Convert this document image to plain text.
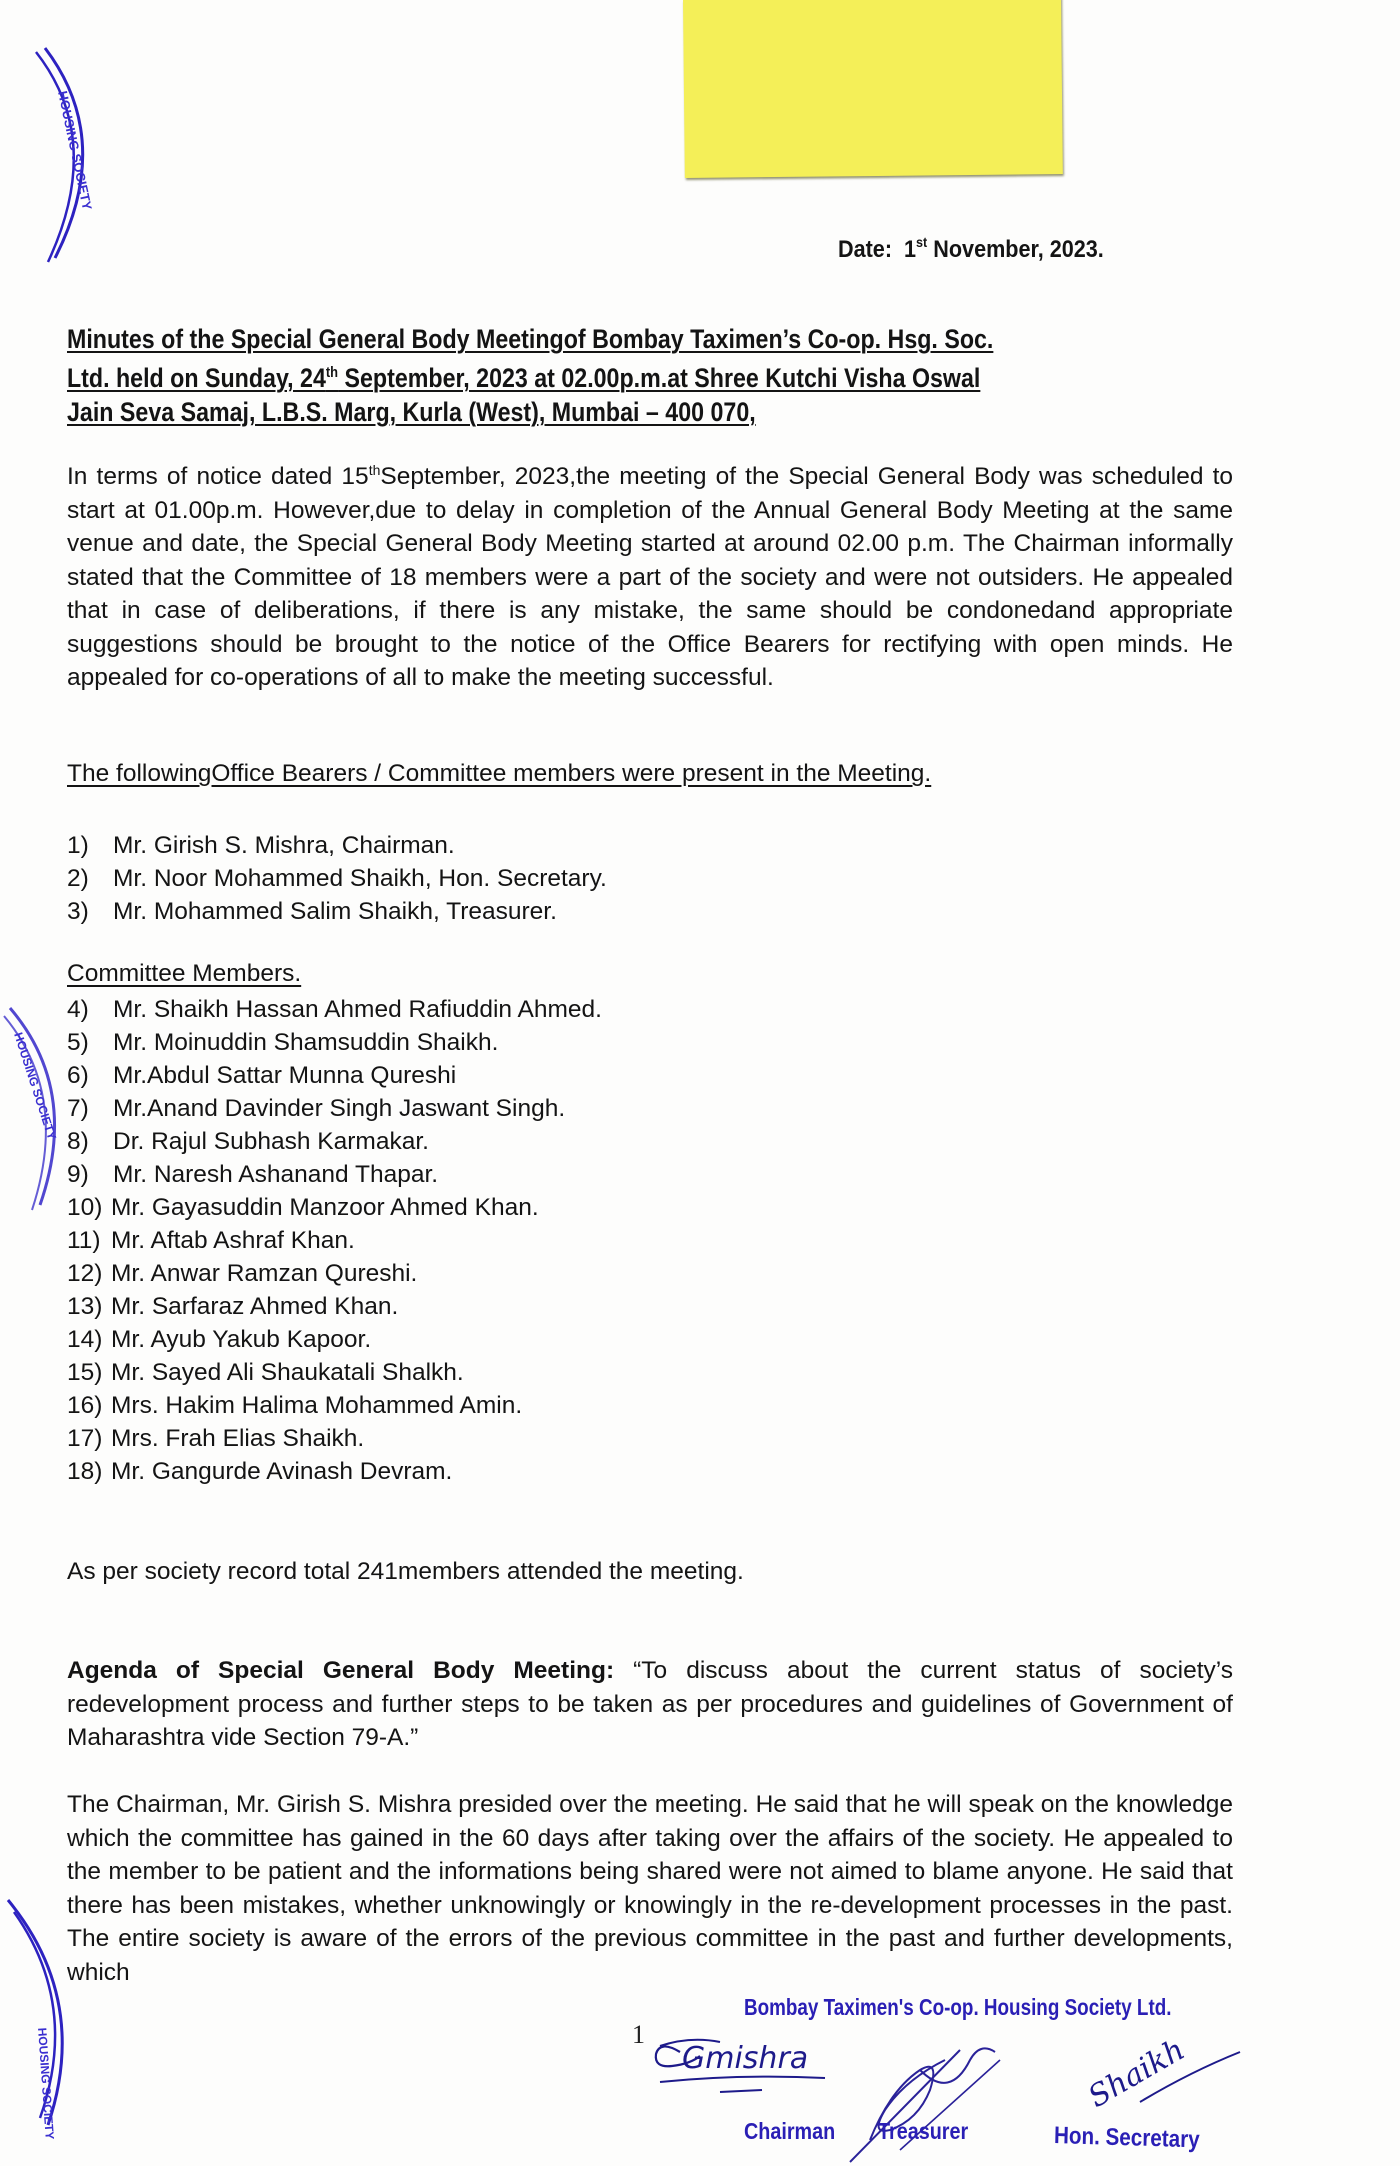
HOUSING SOCIETY
Date: 1st November, 2023.
Minutes of the Special General Body Meetingof Bombay Taximen’s Co-op. Hsg. Soc.
Ltd. held on Sunday, 24th September, 2023 at 02.00p.m.at Shree Kutchi Visha Oswal
Jain Seva Samaj, L.B.S. Marg, Kurla (West), Mumbai – 400 070,
In terms of notice dated 15thSeptember, 2023,the meeting of the Special General Body was scheduled to start at 01.00p.m. However,due to delay in completion of the Annual General Body Meeting at the same venue and date, the Special General Body Meeting started at around 02.00 p.m. The Chairman informally stated that the Committee of 18 members were a part of the society and were not outsiders. He appealed that in case of deliberations, if there is any mistake, the same should be condonedand appropriate suggestions should be brought to the notice of the Office Bearers for rectifying with open minds. He appealed for co-operations of all to make the meeting successful.
The followingOffice Bearers / Committee members were present in the Meeting.
1) Mr. Girish S. Mishra, Chairman.
2) Mr. Noor Mohammed Shaikh, Hon. Secretary.
3) Mr. Mohammed Salim Shaikh, Treasurer.
Committee Members.
4) Mr. Shaikh Hassan Ahmed Rafiuddin Ahmed.
5) Mr. Moinuddin Shamsuddin Shaikh.
6) Mr.Abdul Sattar Munna Qureshi
7) Mr.Anand Davinder Singh Jaswant Singh.
8) Dr. Rajul Subhash Karmakar.
9) Mr. Naresh Ashanand Thapar.
10) Mr. Gayasuddin Manzoor Ahmed Khan.
11) Mr. Aftab Ashraf Khan.
12) Mr. Anwar Ramzan Qureshi.
13) Mr. Sarfaraz Ahmed Khan.
14) Mr. Ayub Yakub Kapoor.
15) Mr. Sayed Ali Shaukatali Shalkh.
16) Mrs. Hakim Halima Mohammed Amin.
17) Mrs. Frah Elias Shaikh.
18) Mr. Gangurde Avinash Devram.
HOUSING SOCIETY
As per society record total 241members attended the meeting.
Agenda of Special General Body Meeting: “To discuss about the current status of society’s redevelopment process and further steps to be taken as per procedures and guidelines of Government of Maharashtra vide Section 79-A.”
The Chairman, Mr. Girish S. Mishra presided over the meeting. He said that he will speak on the knowledge which the committee has gained in the 60 days after taking over the affairs of the society. He appealed to the member to be patient and the informations being shared were not aimed to blame anyone. He said that there has been mistakes, whether unknowingly or knowingly in the re-development processes in the past. The entire society is aware of the errors of the previous committee in the past and further developments, which
HOUSING SOCIETY
Bombay Taximen's Co-op. Housing Society Ltd.
1
Gmishra	Shaikh
Chairman Treasurer	Hon. Secretary
